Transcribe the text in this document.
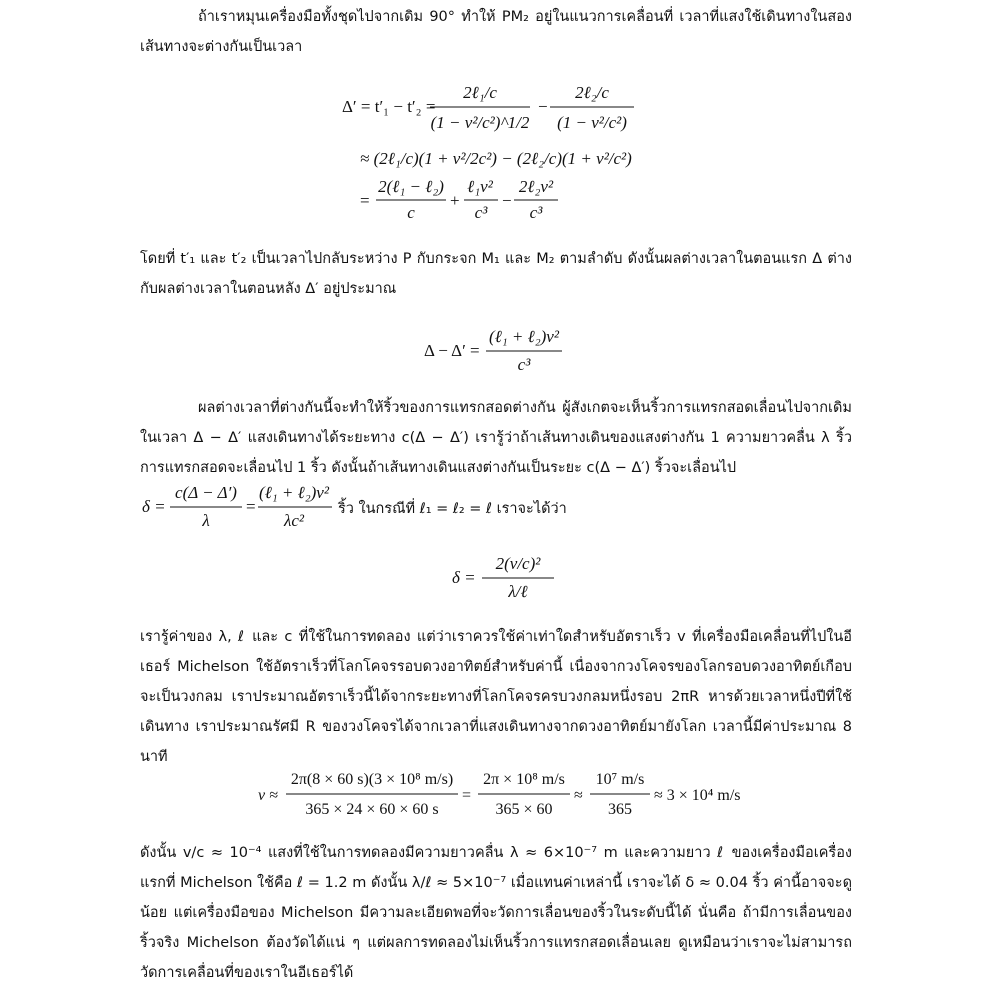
ถ้าเราหมุนเครื่องมือทั้งชุดไปจากเดิม 90° ทำให้ PM₂ อยู่ในแนวการเคลื่อนที่ เวลาที่แสงใช้เดินทางในสองเส้นทางจะต่างกันเป็นเวลา
Δ′ = t′₁ − t′₂ =
2ℓ₁/c
(1 − v²/c²)^1/2
−
2ℓ₂/c
(1 − v²/c²)
≈ (2ℓ₁/c)(1 + v²/2c²) − (2ℓ₂/c)(1 + v²/c²)
=
2(ℓ₁ − ℓ₂)
c
+
ℓ₁v²
c³
−
2ℓ₂v²
c³
โดยที่ t′₁ และ t′₂ เป็นเวลาไปกลับระหว่าง P กับกระจก M₁ และ M₂ ตามลำดับ ดังนั้นผลต่างเวลาในตอนแรก Δ ต่างกับผลต่างเวลาในตอนหลัง Δ′ อยู่ประมาณ
Δ − Δ′ =
(ℓ₁ + ℓ₂)v²
c³
ผลต่างเวลาที่ต่างกันนี้จะทำให้ริ้วของการแทรกสอดต่างกัน ผู้สังเกตจะเห็นริ้วการแทรกสอดเลื่อนไปจากเดิม ในเวลา Δ − Δ′ แสงเดินทางได้ระยะทาง c(Δ − Δ′) เรารู้ว่าถ้าเส้นทางเดินของแสงต่างกัน 1 ความยาวคลื่น λ ริ้วการแทรกสอดจะเลื่อนไป 1 ริ้ว ดังนั้นถ้าเส้นทางเดินแสงต่างกันเป็นระยะ c(Δ − Δ′) ริ้วจะเลื่อนไป
δ =
c(Δ − Δ′)
λ
=
(ℓ₁ + ℓ₂)v²
λc²
ริ้ว ในกรณีที่ ℓ₁ = ℓ₂ = ℓ เราจะได้ว่า
δ =
2(v/c)²
λ/ℓ
เรารู้ค่าของ λ, ℓ และ c ที่ใช้ในการทดลอง แต่ว่าเราควรใช้ค่าเท่าใดสำหรับอัตราเร็ว v ที่เครื่องมือเคลื่อนที่ไปในอีเธอร์ Michelson ใช้อัตราเร็วที่โลกโคจรรอบดวงอาทิตย์สำหรับค่านี้ เนื่องจากวงโคจรของโลกรอบดวงอาทิตย์เกือบจะเป็นวงกลม เราประมาณอัตราเร็วนี้ได้จากระยะทางที่โลกโคจรครบวงกลมหนึ่งรอบ 2πR หารด้วยเวลาหนึ่งปีที่ใช้เดินทาง เราประมาณรัศมี R ของวงโคจรได้จากเวลาที่แสงเดินทางจากดวงอาทิตย์มายังโลก เวลานี้มีค่าประมาณ 8 นาที
v ≈
2π(8 × 60 s)(3 × 10⁸ m/s)
365 × 24 × 60 × 60 s
=
2π × 10⁸ m/s
365 × 60
≈
10⁷ m/s
365
≈ 3 × 10⁴ m/s
ดังนั้น v/c ≈ 10⁻⁴ แสงที่ใช้ในการทดลองมีความยาวคลื่น λ ≈ 6×10⁻⁷ m และความยาว ℓ ของเครื่องมือเครื่องแรกที่ Michelson ใช้คือ ℓ = 1.2 m ดังนั้น λ/ℓ ≈ 5×10⁻⁷ เมื่อแทนค่าเหล่านี้ เราจะได้ δ ≈ 0.04 ริ้ว ค่านี้อาจจะดูน้อย แต่เครื่องมือของ Michelson มีความละเอียดพอที่จะวัดการเลื่อนของริ้วในระดับนี้ได้ นั่นคือ ถ้ามีการเลื่อนของริ้วจริง Michelson ต้องวัดได้แน่ ๆ แต่ผลการทดลองไม่เห็นริ้วการแทรกสอดเลื่อนเลย ดูเหมือนว่าเราจะไม่สามารถวัดการเคลื่อนที่ของเราในอีเธอร์ได้
